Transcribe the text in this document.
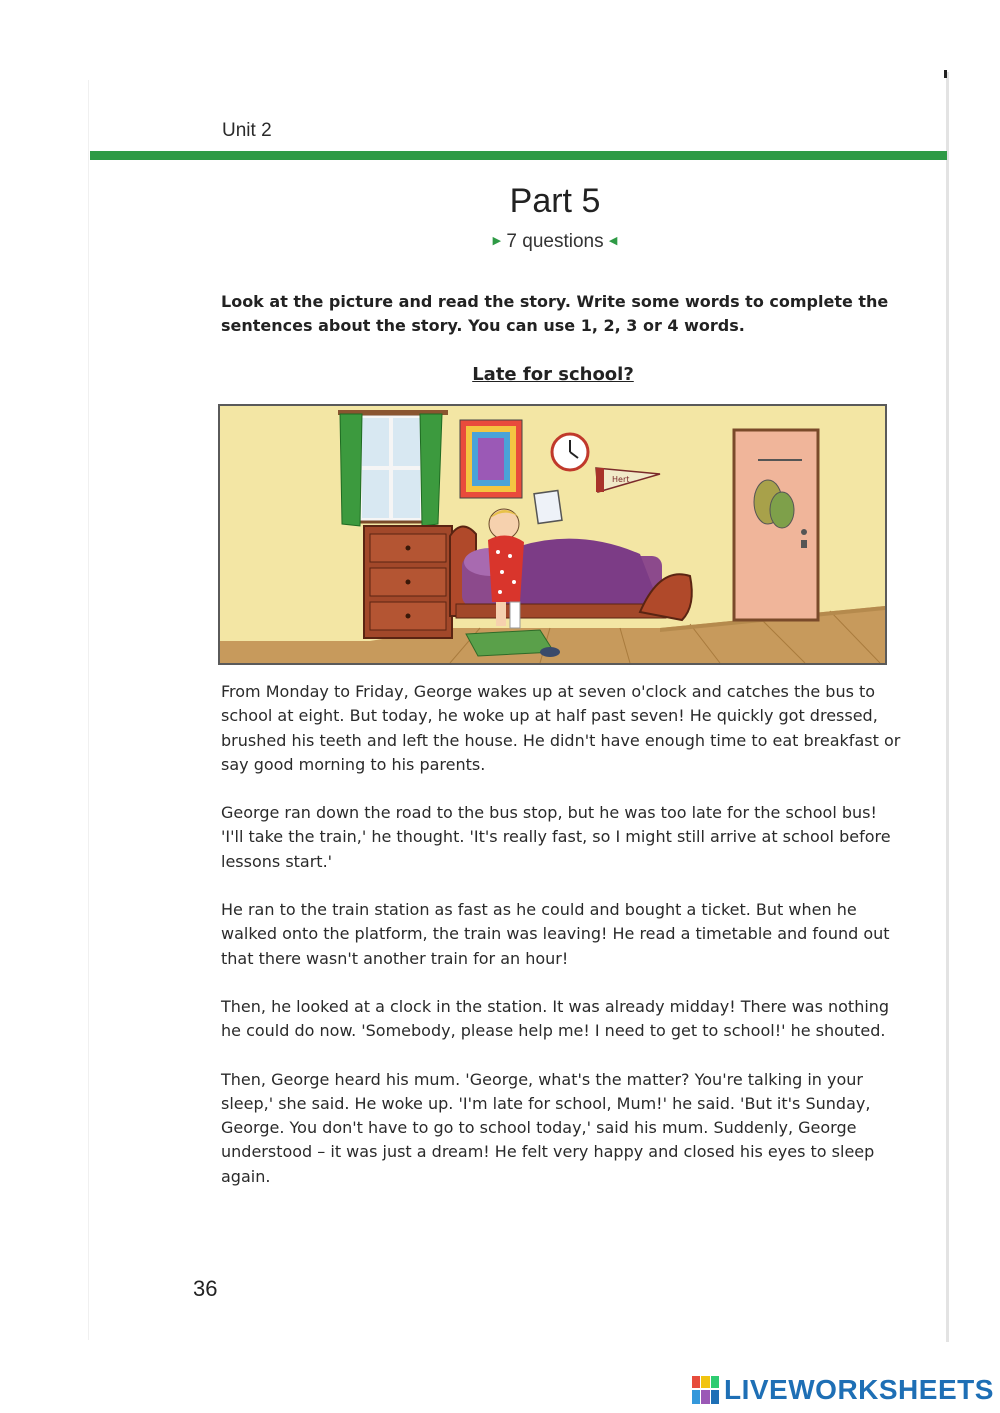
Unit 2
Part 5
▶ 7 questions ◀
Look at the picture and read the story. Write some words to complete the sentences about the story. You can use 1, 2, 3 or 4 words.
Late for school?
Hert

From Monday to Friday, George wakes up at seven o'clock and catches the bus to school at eight. But today, he woke up at half past seven! He quickly got dressed, brushed his teeth and left the house. He didn't have enough time to eat breakfast or say good morning to his parents.

George ran down the road to the bus stop, but he was too late for the school bus! 'I'll take the train,' he thought. 'It's really fast, so I might still arrive at school before lessons start.'

He ran to the train station as fast as he could and bought a ticket. But when he walked onto the platform, the train was leaving! He read a timetable and found out that there wasn't another train for an hour!

Then, he looked at a clock in the station. It was already midday! There was nothing he could do now. 'Somebody, please help me! I need to get to school!' he shouted.

Then, George heard his mum. 'George, what's the matter? You're talking in your sleep,' she said. He woke up. 'I'm late for school, Mum!' he said. 'But it's Sunday, George. You don't have to go to school today,' said his mum. Suddenly, George understood – it was just a dream! He felt very happy and closed his eyes to sleep again.

36
LIVEWORKSHEETS
